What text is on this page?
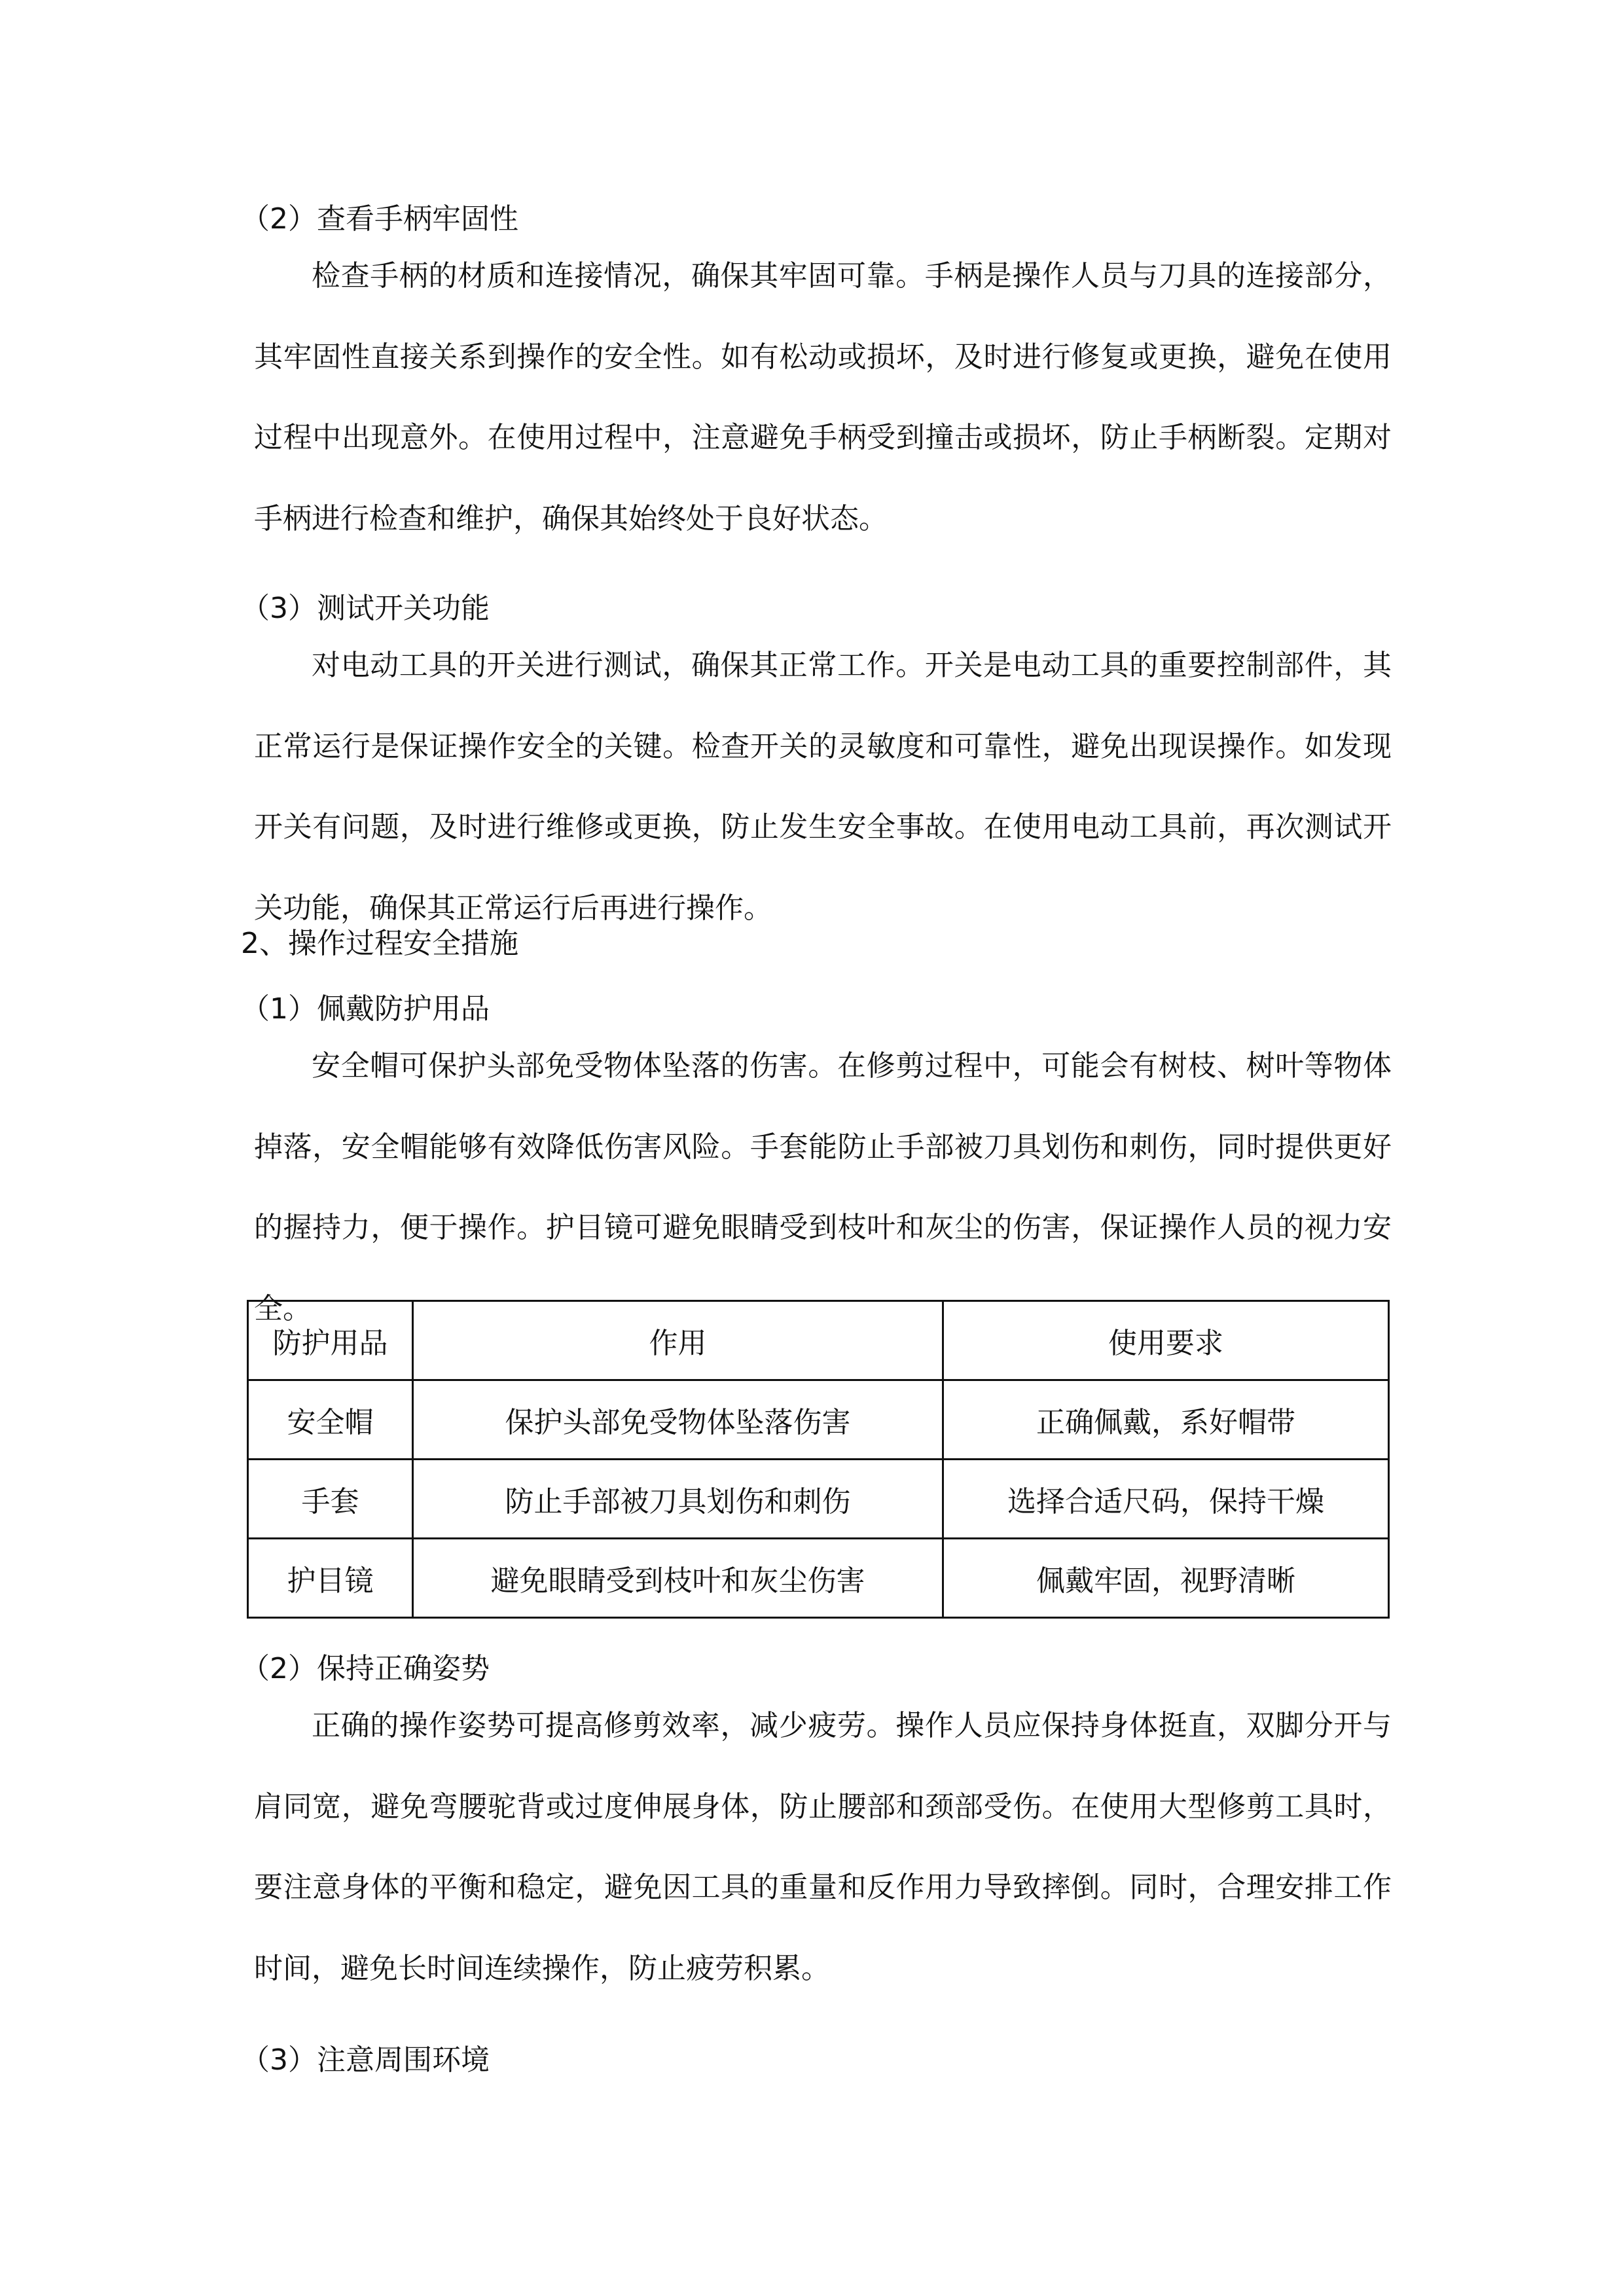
（2）查看手柄牢固性

检查手柄的材质和连接情况，确保其牢固可靠。手柄是操作人员与刀具的连接部分，其牢固性直接关系到操作的安全性。如有松动或损坏，及时进行修复或更换，避免在使用过程中出现意外。在使用过程中，注意避免手柄受到撞击或损坏，防止手柄断裂。定期对手柄进行检查和维护，确保其始终处于良好状态。

（3）测试开关功能

对电动工具的开关进行测试，确保其正常工作。开关是电动工具的重要控制部件，其正常运行是保证操作安全的关键。检查开关的灵敏度和可靠性，避免出现误操作。如发现开关有问题，及时进行维修或更换，防止发生安全事故。在使用电动工具前，再次测试开关功能，确保其正常运行后再进行操作。

2、操作过程安全措施
（1）佩戴防护用品

安全帽可保护头部免受物体坠落的伤害。在修剪过程中，可能会有树枝、树叶等物体掉落，安全帽能够有效降低伤害风险。手套能防止手部被刀具划伤和刺伤，同时提供更好的握持力，便于操作。护目镜可避免眼睛受到枝叶和灰尘的伤害，保证操作人员的视力安全。

防护用品	作用	使用要求
安全帽	保护头部免受物体坠落伤害	正确佩戴，系好帽带
手套	防止手部被刀具划伤和刺伤	选择合适尺码，保持干燥
护目镜	避免眼睛受到枝叶和灰尘伤害	佩戴牢固，视野清晰
（2）保持正确姿势

正确的操作姿势可提高修剪效率，减少疲劳。操作人员应保持身体挺直，双脚分开与肩同宽，避免弯腰驼背或过度伸展身体，防止腰部和颈部受伤。在使用大型修剪工具时，要注意身体的平衡和稳定，避免因工具的重量和反作用力导致摔倒。同时，合理安排工作时间，避免长时间连续操作，防止疲劳积累。

（3）注意周围环境
